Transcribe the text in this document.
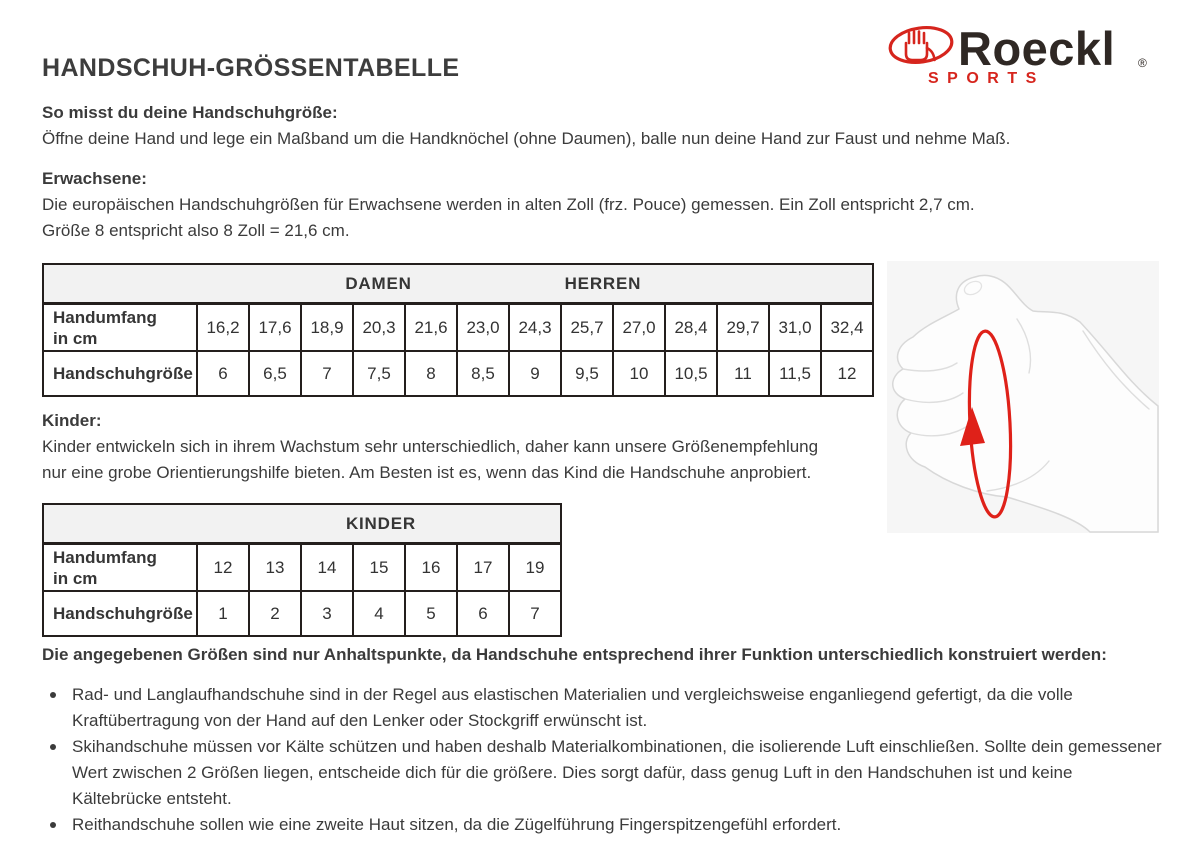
HANDSCHUH-GRÖSSENTABELLE	Roeckl ®
SPORTS
So misst du deine Handschuhgröße:
Öffne deine Hand und lege ein Maßband um die Handknöchel (ohne Daumen), balle nun deine Hand zur Faust und nehme Maß.
Erwachsene:
Die europäischen Handschuhgrößen für Erwachsene werden in alten Zoll (frz. Pouce) gemessen. Ein Zoll entspricht 2,7 cm.
Größe 8 entspricht also 8 Zoll = 21,6 cm.
DAMEN HERREN													

Handumfang
in cm	16,2	17,6	18,9	20,3	21,6	23,0	24,3	25,7	27,0	28,4	29,7	31,0	32,4
Handschuhgröße	6	6,5	7	7,5	8	8,5	9	9,5	10	10,5	11	11,5	12
Kinder:
Kinder entwickeln sich in ihrem Wachstum sehr unterschiedlich, daher kann unsere Größenempfehlung nur eine grobe Orientierungshilfe bieten. Am Besten ist es, wenn das Kind die Handschuhe anprobiert.
KINDER							

Handumfang
in cm	12	13	14	15	16	17	19
Handschuhgröße	1	2	3	4	5	6	7
Die angegebenen Größen sind nur Anhaltspunkte, da Handschuhe entsprechend ihrer Funktion unterschiedlich konstruiert werden:
Rad- und Langlaufhandschuhe sind in der Regel aus elastischen Materialien und vergleichsweise enganliegend gefertigt, da die volle Kraftübertragung von der Hand auf den Lenker oder Stockgriff erwünscht ist.
Skihandschuhe müssen vor Kälte schützen und haben deshalb Materialkombinationen, die isolierende Luft einschließen. Sollte dein gemessener Wert zwischen 2 Größen liegen, entscheide dich für die größere. Dies sorgt dafür, dass genug Luft in den Handschuhen ist und keine Kältebrücke entsteht.
Reithandschuhe sollen wie eine zweite Haut sitzen, da die Zügelführung Fingerspitzengefühl erfordert.
